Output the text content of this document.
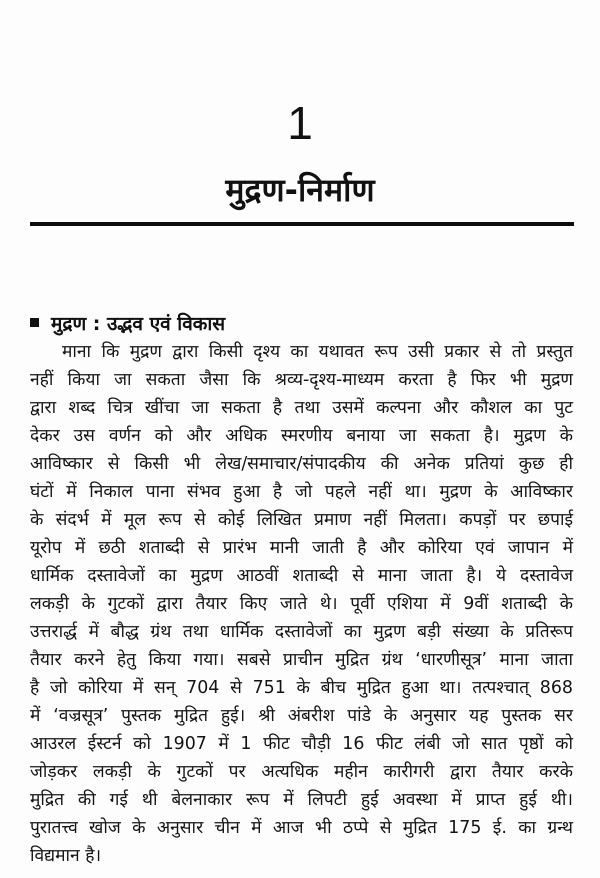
1
मुद्रण-निर्माण
मुद्रण : उद्भव एवं विकास
माना कि मुद्रण द्वारा किसी दृश्य का यथावत रूप उसी प्रकार से तो प्रस्तुत
नहीं किया जा सकता जैसा कि श्रव्य-दृश्य-माध्यम करता है फिर भी मुद्रण
द्वारा शब्द चित्र खींचा जा सकता है तथा उसमें कल्पना और कौशल का पुट
देकर उस वर्णन को और अधिक स्मरणीय बनाया जा सकता है। मुद्रण के
आविष्कार से किसी भी लेख/समाचार/संपादकीय की अनेक प्रतियां कुछ ही
घंटों में निकाल पाना संभव हुआ है जो पहले नहीं था। मुद्रण के आविष्कार
के संदर्भ में मूल रूप से कोई लिखित प्रमाण नहीं मिलता। कपड़ों पर छपाई
यूरोप में छठी शताब्दी से प्रारंभ मानी जाती है और कोरिया एवं जापान में
धार्मिक दस्तावेजों का मुद्रण आठवीं शताब्दी से माना जाता है। ये दस्तावेज
लकड़ी के गुटकों द्वारा तैयार किए जाते थे। पूर्वी एशिया में 9वीं शताब्दी के
उत्तरार्द्ध में बौद्ध ग्रंथ तथा धार्मिक दस्तावेजों का मुद्रण बड़ी संख्या के प्रतिरूप
तैयार करने हेतु किया गया। सबसे प्राचीन मुद्रित ग्रंथ ‘धारणीसूत्र’ माना जाता
है जो कोरिया में सन् 704 से 751 के बीच मुद्रित हुआ था। तत्पश्चात् 868
में ‘वज्रसूत्र’ पुस्तक मुद्रित हुई। श्री अंबरीश पांडे के अनुसार यह पुस्तक सर
आउरल ईस्टर्न को 1907 में 1 फीट चौड़ी 16 फीट लंबी जो सात पृष्ठों को
जोड़कर लकड़ी के गुटकों पर अत्यधिक महीन कारीगरी द्वारा तैयार करके
मुद्रित की गई थी बेलनाकार रूप में लिपटी हुई अवस्था में प्राप्त हुई थी।
पुरातत्त्व खोज के अनुसार चीन में आज भी ठप्पे से मुद्रित 175 ई. का ग्रन्थ
विद्यमान है।
